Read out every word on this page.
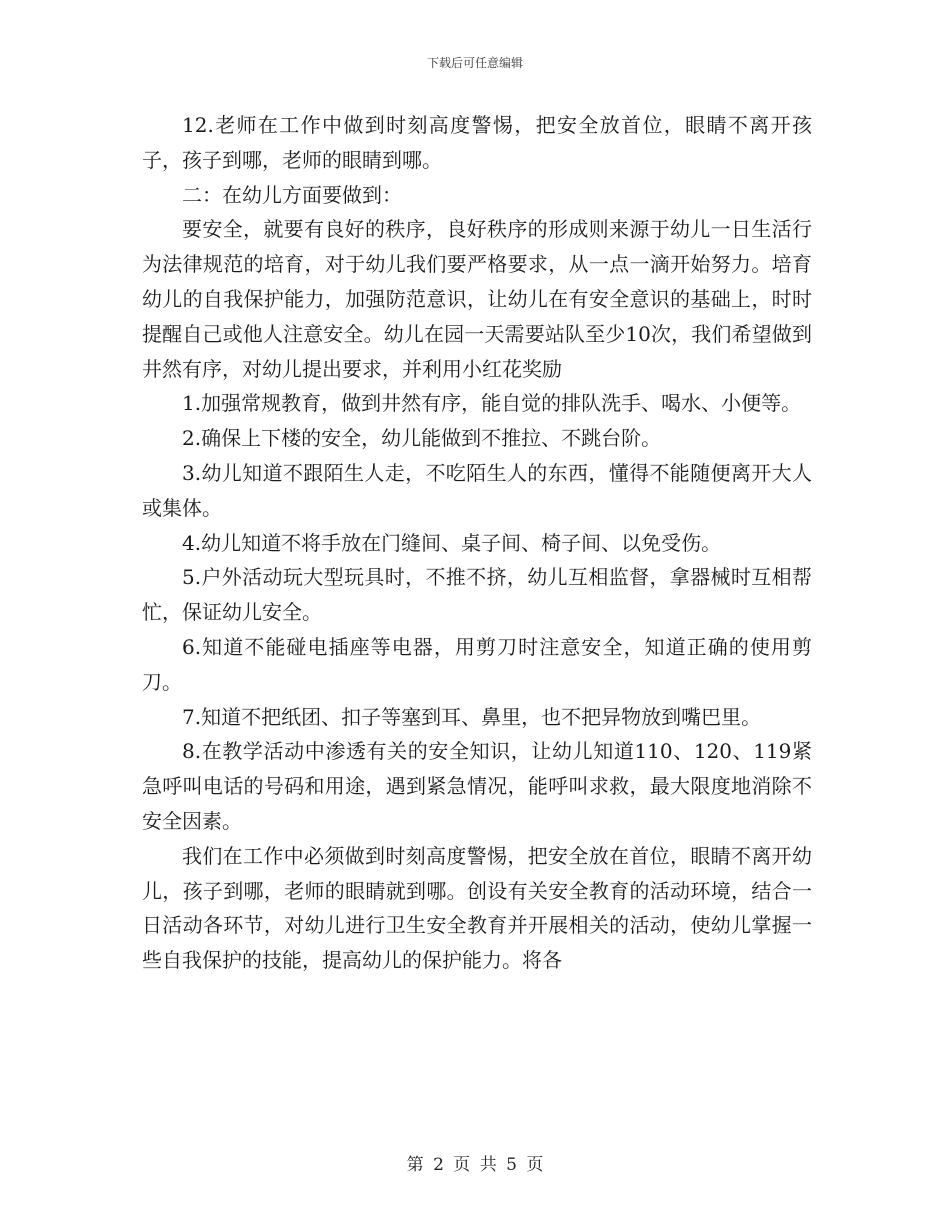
下载后可任意编辑

12.老师在工作中做到时刻高度警惕，把安全放首位，眼睛不离开孩子，孩子到哪，老师的眼睛到哪。

二：在幼儿方面要做到：

要安全，就要有良好的秩序，良好秩序的形成则来源于幼儿一日生活行为法律规范的培育，对于幼儿我们要严格要求，从一点一滴开始努力。培育幼儿的自我保护能力，加强防范意识，让幼儿在有安全意识的基础上，时时提醒自己或他人注意安全。幼儿在园一天需要站队至少10次，我们希望做到井然有序，对幼儿提出要求，并利用小红花奖励

1.加强常规教育，做到井然有序，能自觉的排队洗手、喝水、小便等。

2.确保上下楼的安全，幼儿能做到不推拉、不跳台阶。

3.幼儿知道不跟陌生人走，不吃陌生人的东西，懂得不能随便离开大人或集体。

4.幼儿知道不将手放在门缝间、桌子间、椅子间、以免受伤。

5.户外活动玩大型玩具时，不推不挤，幼儿互相监督，拿器械时互相帮忙，保证幼儿安全。

6.知道不能碰电插座等电器，用剪刀时注意安全，知道正确的使用剪刀。

7.知道不把纸团、扣子等塞到耳、鼻里，也不把异物放到嘴巴里。

8.在教学活动中渗透有关的安全知识，让幼儿知道110、120、119紧急呼叫电话的号码和用途，遇到紧急情况，能呼叫求救，最大限度地消除不安全因素。

我们在工作中必须做到时刻高度警惕，把安全放在首位，眼睛不离开幼儿，孩子到哪，老师的眼睛就到哪。创设有关安全教育的活动环境，结合一日活动各环节，对幼儿进行卫生安全教育并开展相关的活动，使幼儿掌握一些自我保护的技能，提高幼儿的保护能力。将各

第 2 页 共 5 页
